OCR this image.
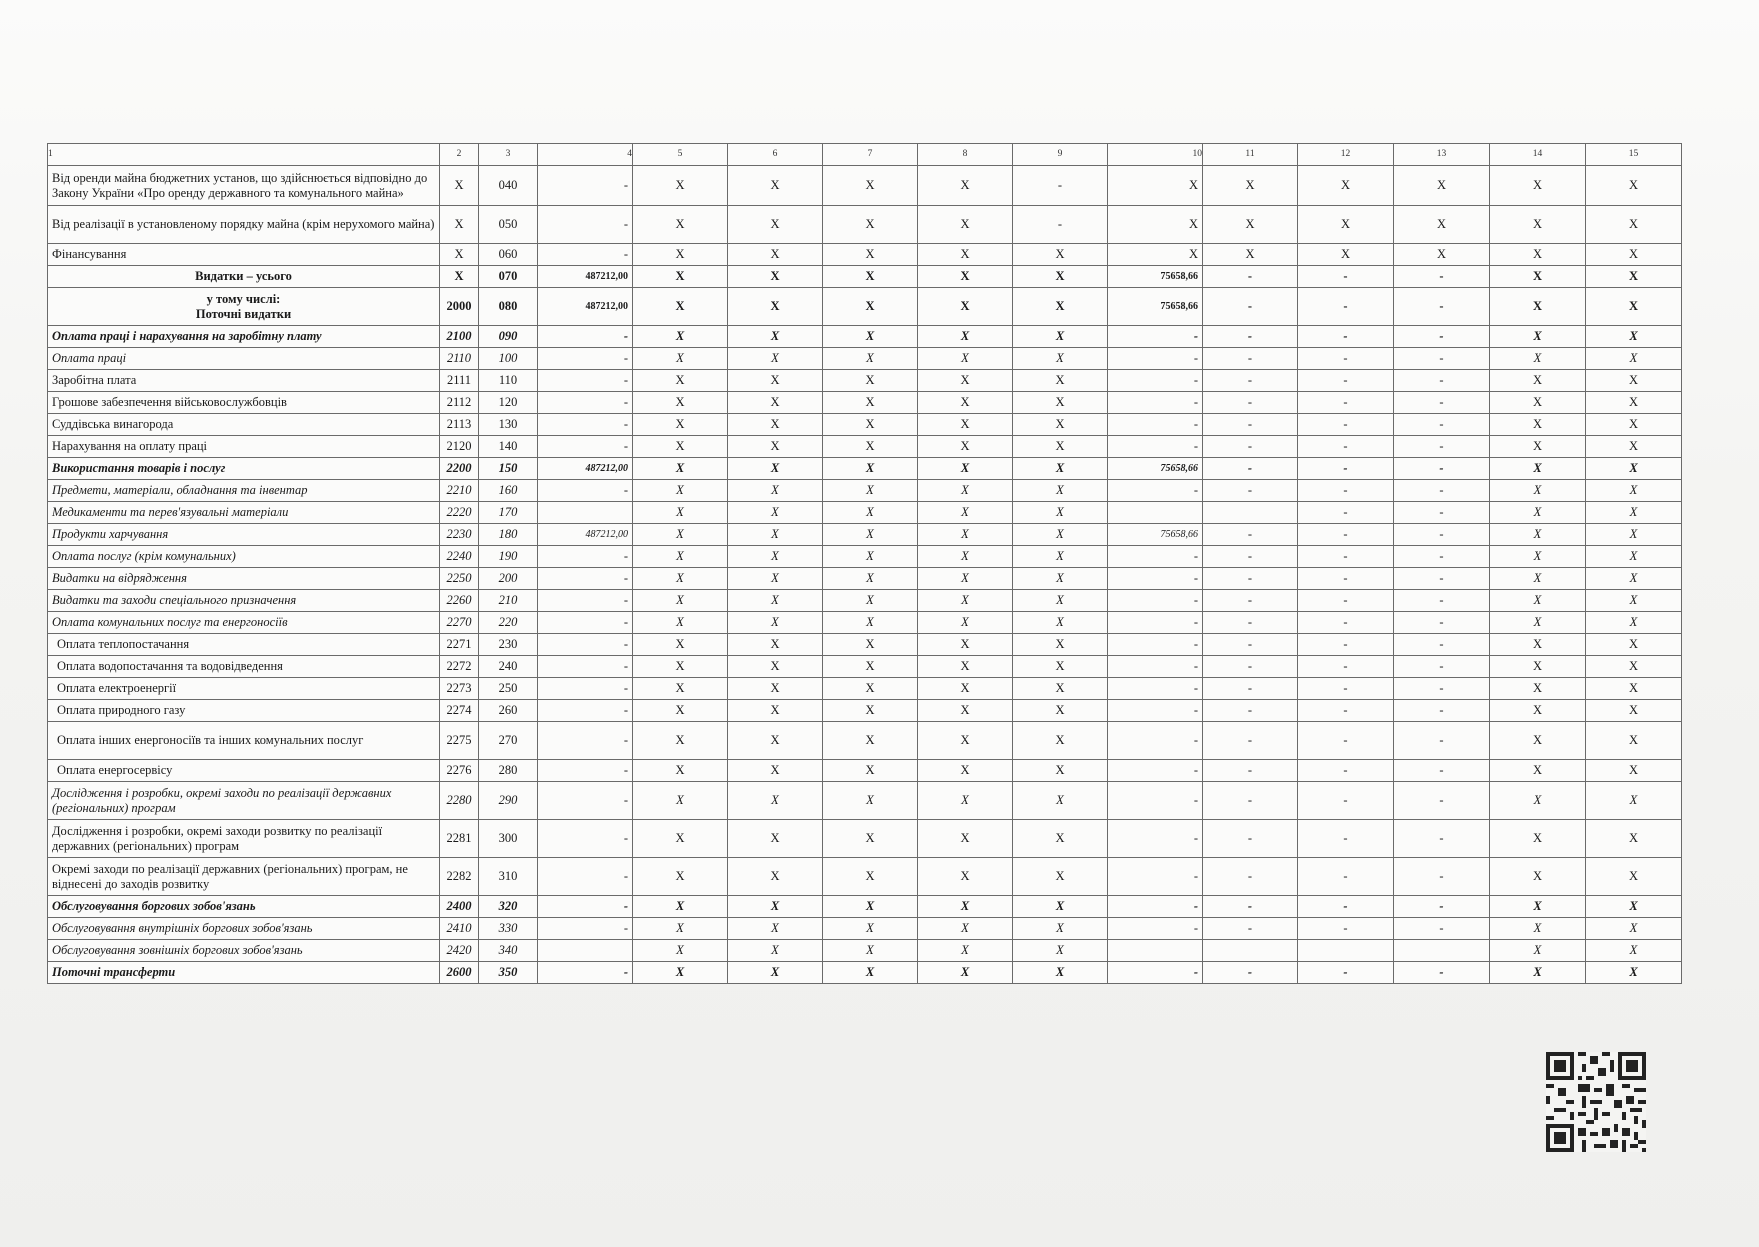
1	2	3	4	5	6	7	8	9	10	11	12	13	14	15
Від оренди майна бюджетних установ, що здійснюється відповідно до Закону України «Про оренду державного та комунального майна»	X	040	-	X	X	X	X	-	X	X	X	X	X	X
Від реалізації в установленому порядку майна (крім нерухомого майна)	X	050	-	X	X	X	X	-	X	X	X	X	X	X
Фінансування	X	060	-	X	X	X	X	X	X	X	X	X	X	X
Видатки – усього	X	070	487212,00	X	X	X	X	X	75658,66	-	-	-	X	X
у тому числі:
Поточні видатки	2000	080	487212,00	X	X	X	X	X	75658,66	-	-	-	X	X
Оплата праці і нарахування на заробітну плату	2100	090	-	X	X	X	X	X	-	-	-	-	X	X
Оплата праці	2110	100	-	X	X	X	X	X	-	-	-	-	X	X
Заробітна плата	2111	110	-	X	X	X	X	X	-	-	-	-	X	X
Грошове забезпечення військовослужбовців	2112	120	-	X	X	X	X	X	-	-	-	-	X	X
Суддівська винагорода	2113	130	-	X	X	X	X	X	-	-	-	-	X	X
Нарахування на оплату праці	2120	140	-	X	X	X	X	X	-	-	-	-	X	X
Використання товарів і послуг	2200	150	487212,00	X	X	X	X	X	75658,66	-	-	-	X	X
Предмети, матеріали, обладнання та інвентар	2210	160	-	X	X	X	X	X	-	-	-	-	X	X
Медикаменти та перев'язувальні матеріали	2220	170		X	X	X	X	X			-	-	X	X
Продукти харчування	2230	180	487212,00	X	X	X	X	X	75658,66	-	-	-	X	X
Оплата послуг (крім комунальних)	2240	190	-	X	X	X	X	X	-	-	-	-	X	X
Видатки на відрядження	2250	200	-	X	X	X	X	X	-	-	-	-	X	X
Видатки та заходи спеціального призначення	2260	210	-	X	X	X	X	X	-	-	-	-	X	X
Оплата комунальних послуг та енергоносіїв	2270	220	-	X	X	X	X	X	-	-	-	-	X	X
Оплата теплопостачання	2271	230	-	X	X	X	X	X	-	-	-	-	X	X
Оплата водопостачання та водовідведення	2272	240	-	X	X	X	X	X	-	-	-	-	X	X
Оплата електроенергії	2273	250	-	X	X	X	X	X	-	-	-	-	X	X
Оплата природного газу	2274	260	-	X	X	X	X	X	-	-	-	-	X	X
Оплата інших енергоносіїв та інших комунальних послуг	2275	270	-	X	X	X	X	X	-	-	-	-	X	X
Оплата енергосервісу	2276	280	-	X	X	X	X	X	-	-	-	-	X	X
Дослідження і розробки, окремі заходи по реалізації державних (регіональних) програм	2280	290	-	X	X	X	X	X	-	-	-	-	X	X
Дослідження і розробки, окремі заходи розвитку по реалізації державних (регіональних) програм	2281	300	-	X	X	X	X	X	-	-	-	-	X	X
Окремі заходи по реалізації державних (регіональних) програм, не віднесені до заходів розвитку	2282	310	-	X	X	X	X	X	-	-	-	-	X	X
Обслуговування боргових зобов'язань	2400	320	-	X	X	X	X	X	-	-	-	-	X	X
Обслуговування внутрішніх боргових зобов'язань	2410	330	-	X	X	X	X	X	-	-	-	-	X	X
Обслуговування зовнішніх боргових зобов'язань	2420	340		X	X	X	X	X					X	X
Поточні трансферти	2600	350	-	X	X	X	X	X	-	-	-	-	X	X
